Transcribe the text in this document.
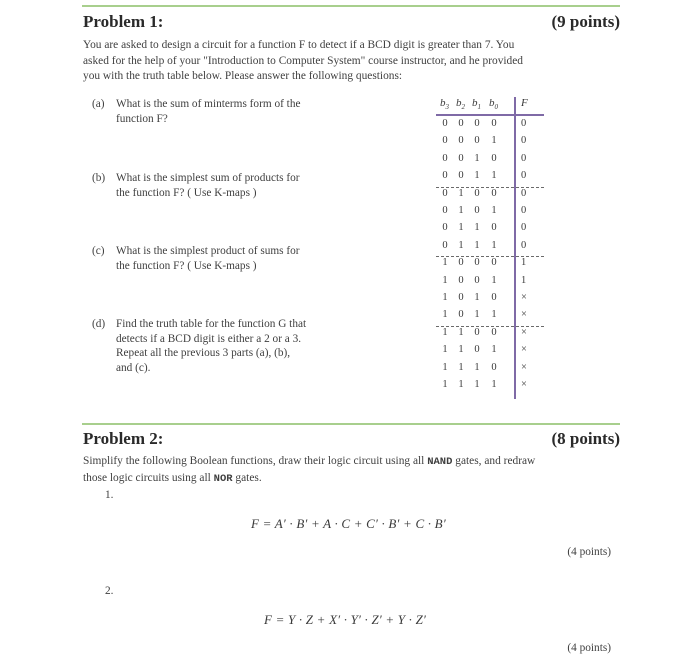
Problem 1:	(9 points)
You are asked to design a circuit for a function F to detect if a BCD digit is greater than 7. You
asked for the help of your "Introduction to Computer System" course instructor, and he provided
you with the truth table below. Please answer the following questions:
(a) What is the sum of minterms form of the
function F?
(b) What is the simplest sum of products for
the function F? ( Use K-maps )
(c) What is the simplest product of sums for
the function F? ( Use K-maps )
(d) Find the truth table for the function G that
detects if a BCD digit is either a 2 or a 3.
Repeat all the previous 3 parts (a), (b),
and (c).
$b_3$ $b_2$ $b_1$ $b_0$ F
0	0	0	0	0
0	0	0	1	0
0	0	1	0	0
0	0	1	1	0
0	1	0	0	0
0	1	0	1	0
0	1	1	0	0
0	1	1	1	0
1	0	0	0	1
1	0	0	1	1
1	0	1	0	×
1	0	1	1	×
1	1	0	0	×
1	1	0	1	×
1	1	1	0	×
1	1	1	1	×
Problem 2:	(8 points)
Simplify the following Boolean functions, draw their logic circuit using all NAND gates, and redraw
those logic circuits using all NOR gates.
1.
F = A′ · B′ + A · C + C′ · B′ + C · B′
(4 points)
2.
F = Y · Z + X′ · Y′ · Z′ + Y · Z′
(4 points)
